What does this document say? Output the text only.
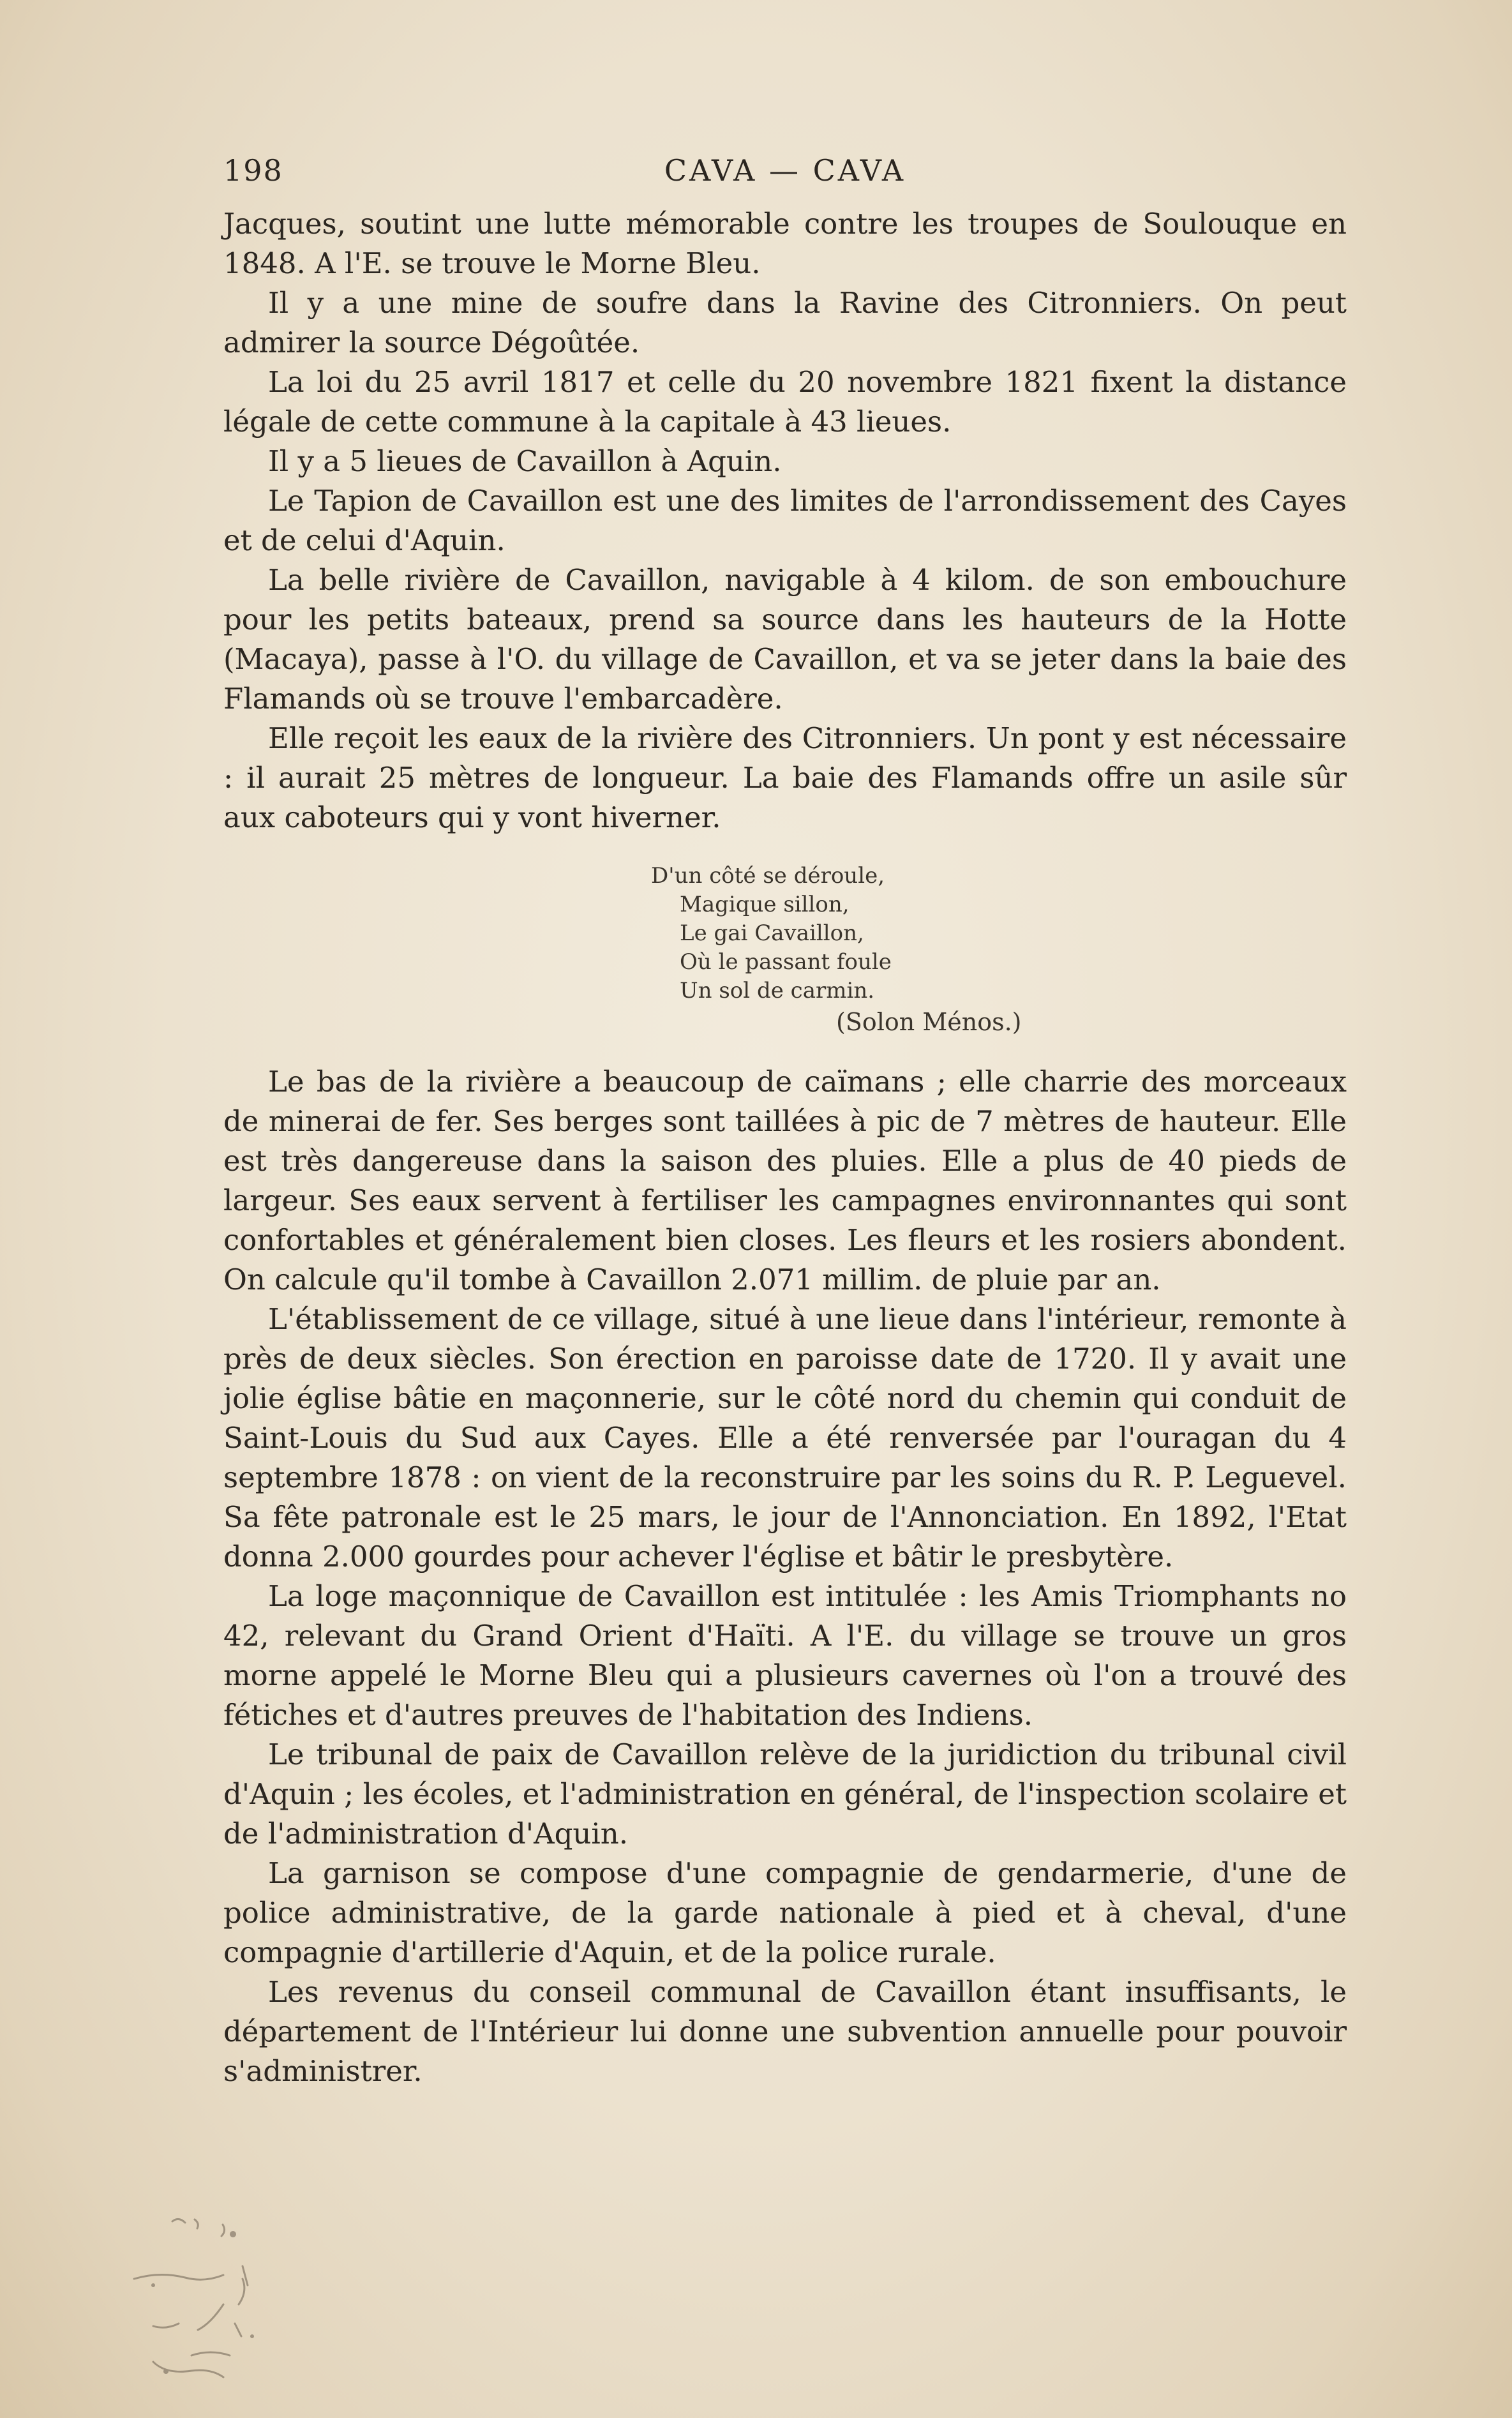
198	CAVA — CAVA

Jacques, soutint une lutte mémorable contre les troupes de Soulouque en 1848. A l'E. se trouve le Morne Bleu.

Il y a une mine de soufre dans la Ravine des Citronniers. On peut admirer la source Dégoûtée.

La loi du 25 avril 1817 et celle du 20 novembre 1821 fixent la distance légale de cette commune à la capitale à 43 lieues.

Il y a 5 lieues de Cavaillon à Aquin.

Le Tapion de Cavaillon est une des limites de l'arrondissement des Cayes et de celui d'Aquin.

La belle rivière de Cavaillon, navigable à 4 kilom. de son embouchure pour les petits bateaux, prend sa source dans les hauteurs de la Hotte (Macaya), passe à l'O. du village de Cavaillon, et va se jeter dans la baie des Flamands où se trouve l'embarcadère.

Elle reçoit les eaux de la rivière des Citronniers. Un pont y est nécessaire : il aurait 25 mètres de longueur. La baie des Flamands offre un asile sûr aux caboteurs qui y vont hiverner.

D'un côté se déroule,
Magique sillon,
Le gai Cavaillon,
Où le passant foule
Un sol de carmin.
(Solon Ménos.)

Le bas de la rivière a beaucoup de caïmans ; elle charrie des morceaux de minerai de fer. Ses berges sont taillées à pic de 7 mètres de hauteur. Elle est très dangereuse dans la saison des pluies. Elle a plus de 40 pieds de largeur. Ses eaux servent à fertiliser les campagnes environnantes qui sont confortables et généralement bien closes. Les fleurs et les rosiers abondent. On calcule qu'il tombe à Cavaillon 2.071 millim. de pluie par an.

L'établissement de ce village, situé à une lieue dans l'intérieur, remonte à près de deux siècles. Son érection en paroisse date de 1720. Il y avait une jolie église bâtie en maçonnerie, sur le côté nord du chemin qui conduit de Saint-Louis du Sud aux Cayes. Elle a été renversée par l'ouragan du 4 septembre 1878 : on vient de la reconstruire par les soins du R. P. Leguevel. Sa fête patronale est le 25 mars, le jour de l'Annonciation. En 1892, l'Etat donna 2.000 gourdes pour achever l'église et bâtir le presbytère.

La loge maçonnique de Cavaillon est intitulée : les Amis Triomphants no 42, relevant du Grand Orient d'Haïti. A l'E. du village se trouve un gros morne appelé le Morne Bleu qui a plusieurs cavernes où l'on a trouvé des fétiches et d'autres preuves de l'habitation des Indiens.

Le tribunal de paix de Cavaillon relève de la juridiction du tribunal civil d'Aquin ; les écoles, et l'administration en général, de l'inspection scolaire et de l'administration d'Aquin.

La garnison se compose d'une compagnie de gendarmerie, d'une de police administrative, de la garde nationale à pied et à cheval, d'une compagnie d'artillerie d'Aquin, et de la police rurale.

Les revenus du conseil communal de Cavaillon étant insuffisants, le département de l'Intérieur lui donne une subvention annuelle pour pouvoir s'administrer.
